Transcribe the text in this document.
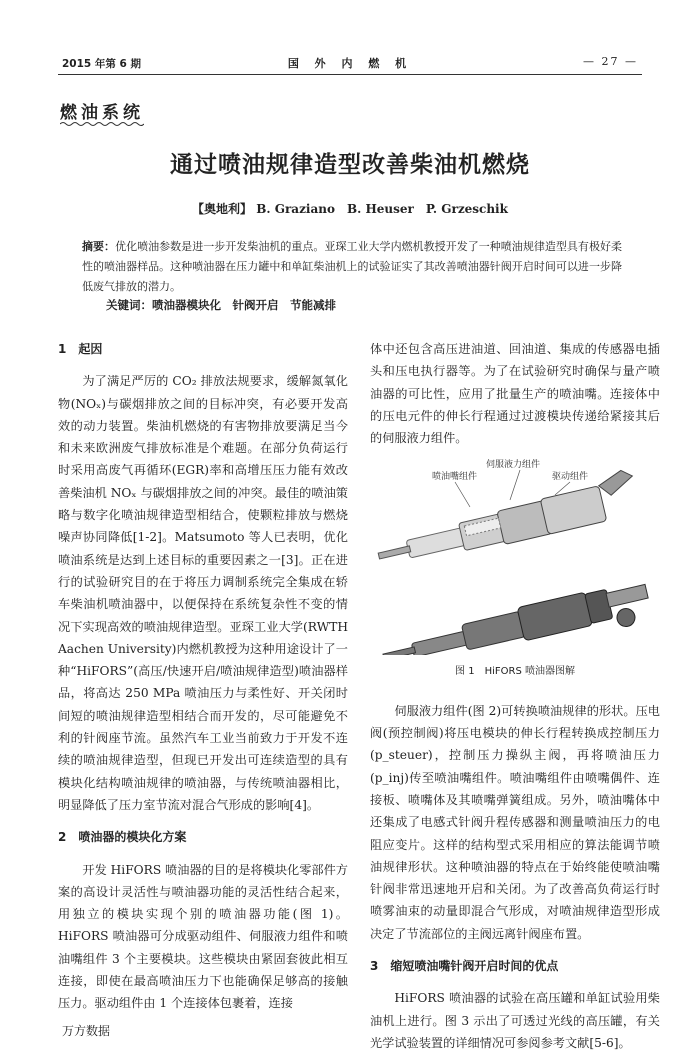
2015 年第 6 期	国 外 内 燃 机	— 27 —
燃油系统
通过喷油规律造型改善柴油机燃烧
【奥地利】 B. Graziano　B. Heuser　P. Grzeschik
摘要：优化喷油参数是进一步开发柴油机的重点。亚琛工业大学内燃机教授开发了一种喷油规律造型具有极好柔性的喷油器样品。这种喷油器在压力罐中和单缸柴油机上的试验证实了其改善喷油器针阀开启时间可以进一步降低废气排放的潜力。
关键词：喷油器模块化　针阀开启　节能减排
1　起因

为了满足严厉的 CO₂ 排放法规要求，缓解氮氧化物(NOₓ)与碳烟排放之间的目标冲突，有必要开发高效的动力装置。柴油机燃烧的有害物排放要满足当今和未来欧洲废气排放标准是个难题。在部分负荷运行时采用高废气再循环(EGR)率和高增压压力能有效改善柴油机 NOₓ 与碳烟排放之间的冲突。最佳的喷油策略与数字化喷油规律造型相结合，使颗粒排放与燃烧噪声协同降低[1-2]。Matsumoto 等人已表明，优化喷油系统是达到上述目标的重要因素之一[3]。正在进行的试验研究目的在于将压力调制系统完全集成在轿车柴油机喷油器中，以便保持在系统复杂性不变的情况下实现高效的喷油规律造型。亚琛工业大学(RWTH Aachen University)内燃机教授为这种用途设计了一种“HiFORS”(高压/快速开启/喷油规律造型)喷油器样品，将高达 250 MPa 喷油压力与柔性好、开关闭时间短的喷油规律造型相结合而开发的，尽可能避免不利的针阀座节流。虽然汽车工业当前致力于开发不连续的喷油规律造型，但现已开发出可连续造型的具有模块化结构喷油规律的喷油器，与传统喷油器相比，明显降低了压力室节流对混合气形成的影响[4]。

2　喷油器的模块化方案

开发 HiFORS 喷油器的目的是将模块化零部件方案的高设计灵活性与喷油器功能的灵活性结合起来，用独立的模块实现个别的喷油器功能(图 1)。HiFORS 喷油器可分成驱动组件、伺服液力组件和喷油嘴组件 3 个主要模块。这些模块由紧固套彼此相互连接，即使在最高喷油压力下也能确保足够高的接触压力。驱动组件由 1 个连接体包裹着，连接

体中还包含高压进油道、回油道、集成的传感器电插头和压电执行器等。为了在试验研究时确保与量产喷油器的可比性，应用了批量生产的喷油嘴。连接体中的压电元件的伸长行程通过过渡模块传递给紧接其后的伺服液力组件。

伺服液力组件
喷油嘴组件	驱动组件
图 1　HiFORS 喷油器图解

伺服液力组件(图 2)可转换喷油规律的形状。压电阀(预控制阀)将压电模块的伸长行程转换成控制压力(p_steuer)，控制压力操纵主阀，再将喷油压力(p_inj)传至喷油嘴组件。喷油嘴组件由喷嘴偶件、连接板、喷嘴体及其喷嘴弹簧组成。另外，喷油嘴体中还集成了电感式针阀升程传感器和测量喷油压力的电阻应变片。这样的结构型式采用相应的算法能调节喷油规律形状。这种喷油器的特点在于始终能使喷油嘴针阀非常迅速地开启和关闭。为了改善高负荷运行时喷雾油束的动量即混合气形成，对喷油规律造型形成决定了节流部位的主阀远离针阀座布置。

3　缩短喷油嘴针阀开启时间的优点

HiFORS 喷油器的试验在高压罐和单缸试验用柴油机上进行。图 3 示出了可透过光线的高压罐，有关光学试验装置的详细情况可参阅参考文献[5-6]。

万方数据
